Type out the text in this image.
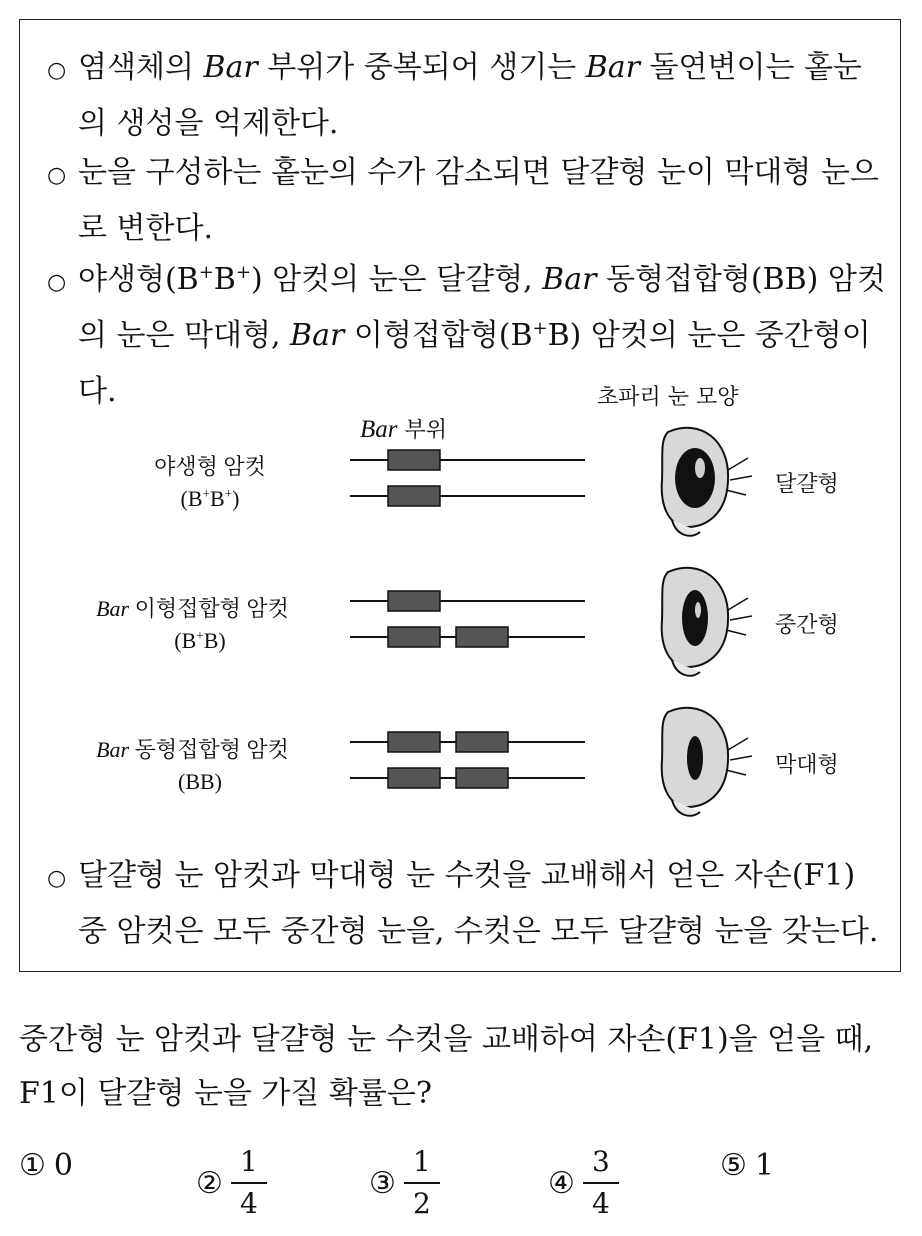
○ 염색체의 Bar 부위가 중복되어 생기는 Bar 돌연변이는 홑눈의 생성을 억제한다.
○ 눈을 구성하는 홑눈의 수가 감소되면 달걀형 눈이 막대형 눈으로 변한다.
○ 야생형(B+B+) 암컷의 눈은 달걀형, Bar 동형접합형(BB) 암컷의 눈은 막대형, Bar 이형접합형(B+B) 암컷의 눈은 중간형이다.	초파리 눈 모양
Bar 부위
야생형 암컷
(B+B+)
Bar 이형접합형 암컷
(B+B)
Bar 동형접합형 암컷
(BB)
달걀형
중간형
막대형
○ 달걀형 눈 암컷과 막대형 눈 수컷을 교배해서 얻은 자손(F1) 중 암컷은 모두 중간형 눈을, 수컷은 모두 달걀형 눈을 갖는다.
중간형 눈 암컷과 달걀형 눈 수컷을 교배하여 자손(F1)을 얻을 때,
F1이 달걀형 눈을 가질 확률은?
① 0	② $\frac{1}{4}$	③ $\frac{1}{2}$	④ $\frac{3}{4}$	⑤ 1
